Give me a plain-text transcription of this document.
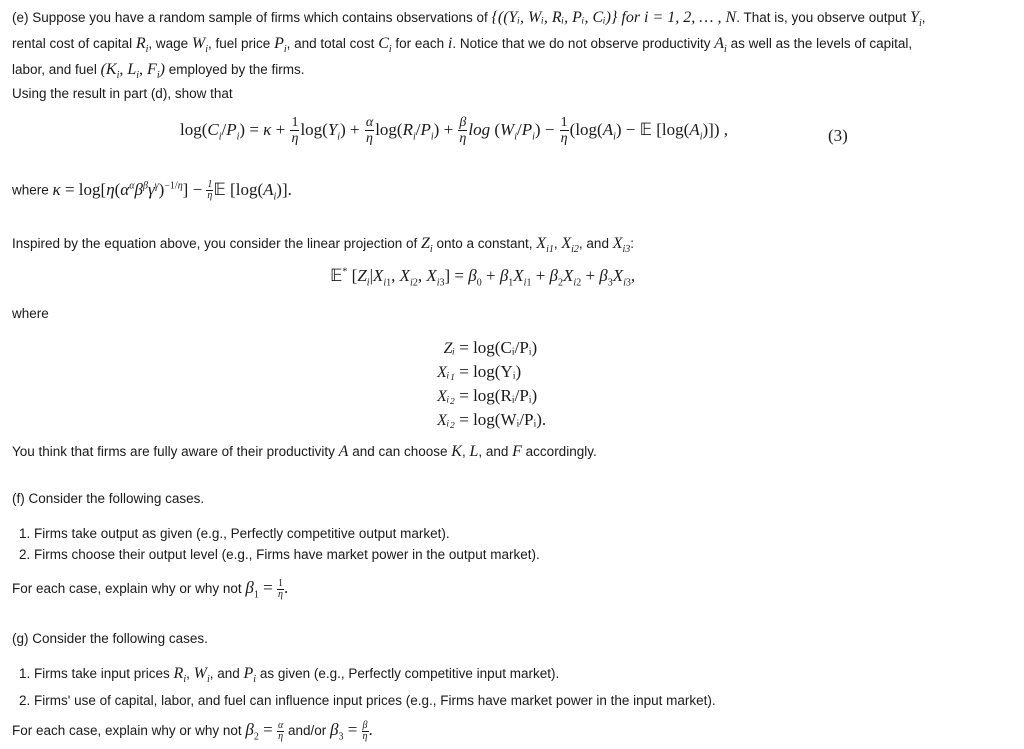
(e) Suppose you have a random sample of firms which contains observations of {((Yᵢ, Wᵢ, Rᵢ, Pᵢ, Cᵢ)} for i = 1, 2, … , N. That is, you observe output $Y_i$,
rental cost of capital $R_i$, wage $W_i$, fuel price $P_i$, and total cost $C_i$ for each i. Notice that we do not observe productivity $A_i$ as well as the levels of capital,
labor, and fuel ($K_i$, $L_i$, $F_i$) employed by the firms.
Using the result in part (d), show that
$\log(C_i/P_i) = \kappa + \frac{1}{\eta} \log(Y_i) + \frac{\alpha}{\eta} \log(R_i/P_i) + \frac{\beta}{\eta}$ $\log (W_i/P_i) - \frac{1}{\eta} (\log(A_i)$ − 𝔼 $[\log(A_i)]$) ,	(3)
where $\kappa = \log[\eta(\alpha^\alpha\beta^\beta\gamma^\gamma)^{-1/\eta}] - \frac{1}{\eta}$ 𝔼 $[\log(A_i)]$.
Inspired by the equation above, you consider the linear projection of $Z_i$ onto a constant, $X_{i1}$, $X_{i2}$, and $X_{i3}$:
𝔼* [$Z_i|X_{i1}$, $X_{i2}$, $X_{i3}] = \beta_0 + \beta_1X_{i1} + \beta_2X_{i2} + \beta_3X_{i3}$,
where
Zᵢ = log(Cᵢ/Pᵢ)
Xᵢ₁ = log(Yᵢ)
Xᵢ₂ = log(Rᵢ/Pᵢ)
Xᵢ₂ = log(Wᵢ/Pᵢ).
You think that firms are fully aware of their productivity A and can choose K, L, and F accordingly.
(f) Consider the following cases.
1. Firms take output as given (e.g., Perfectly competitive output market).
2. Firms choose their output level (e.g., Firms have market power in the output market).
For each case, explain why or why not $\beta_1 = \frac{1}{\eta}$ .
(g) Consider the following cases.
1. Firms take input prices $R_i$, $W_i$, and $P_i$ as given (e.g., Perfectly competitive input market).
2. Firms' use of capital, labor, and fuel can influence input prices (e.g., Firms have market power in the input market).
For each case, explain why or why not $\beta_2 = \frac{\alpha}{\eta} and/or$ $\beta_3 = \frac{\beta}{\eta}$ .
